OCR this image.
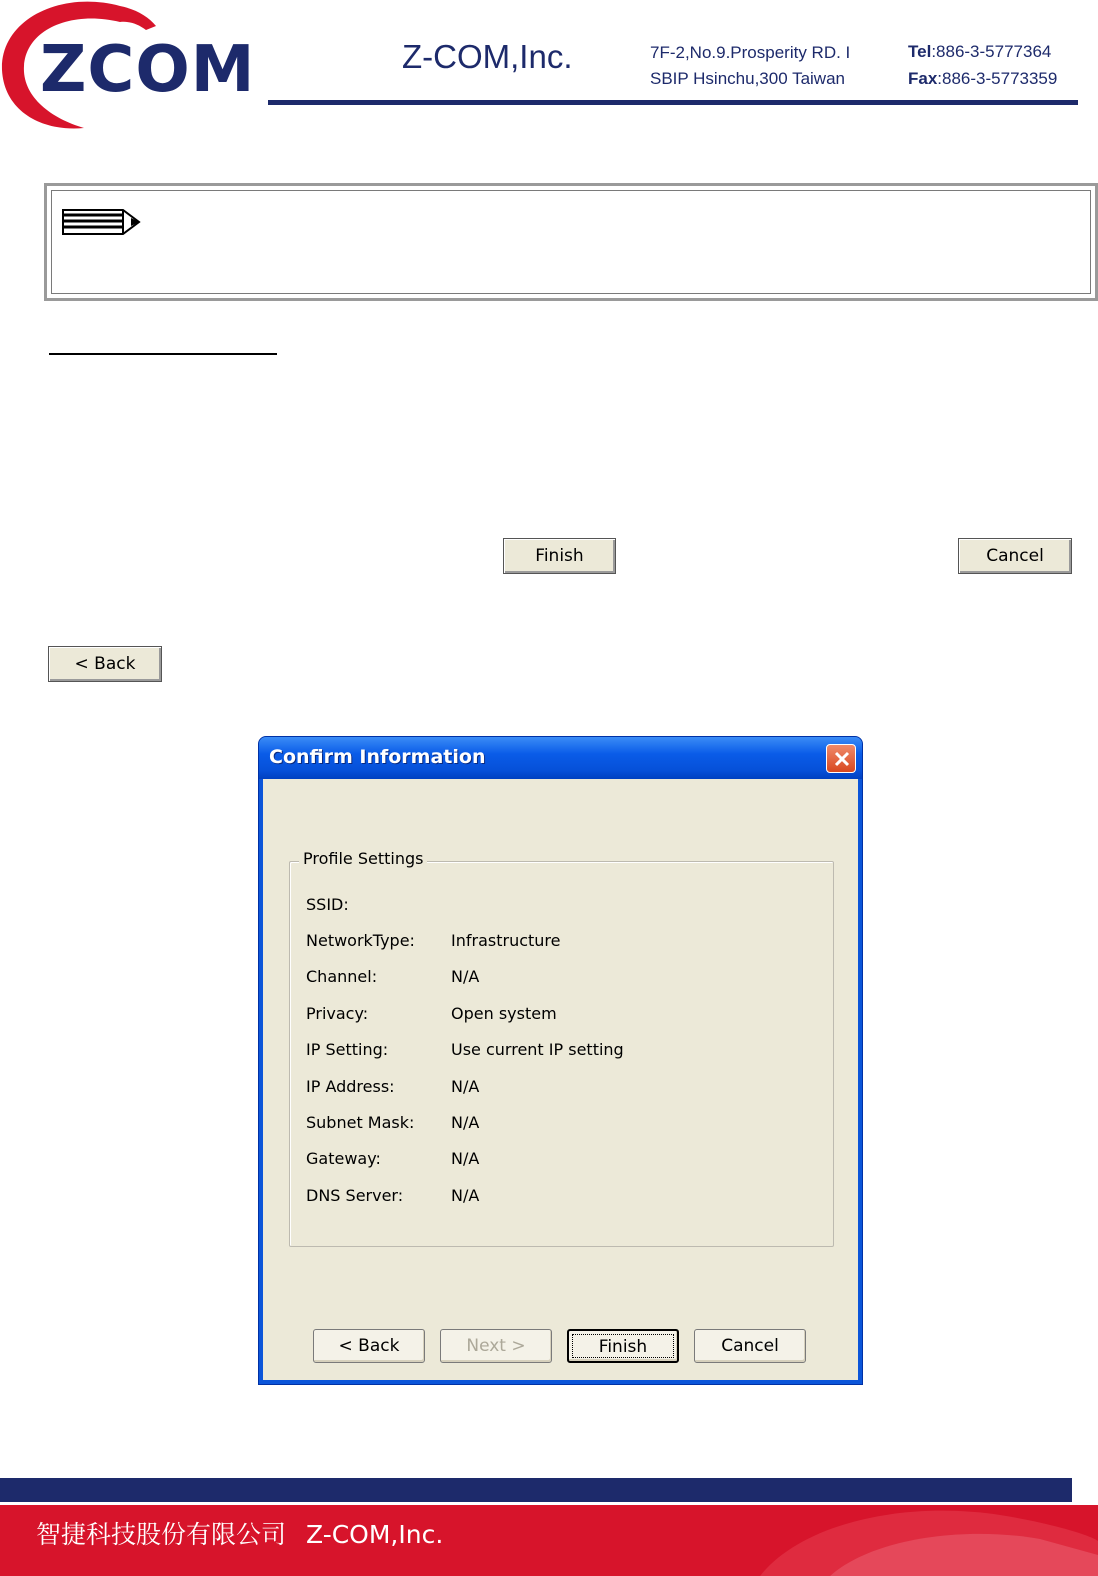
ZCOM	Z-COM,Inc.	7F-2,No.9.Prosperity RD. I
SBIP Hsinchu,300 Taiwan
Tel:886-3-5777364
Fax:886-3-5773359
Finish	Cancel
< Back
Confirm Information
Profile Settings
SSID:
NetworkType:	Infrastructure
Channel:	N/A
Privacy:	Open system
IP Setting:	Use current IP setting
IP Address:	N/A
Subnet Mask:	N/A
Gateway:	N/A
DNS Server:	N/A
< Back	Next >	Finish	Cancel
智捷科技股份有限公司 Z-COM,Inc.
